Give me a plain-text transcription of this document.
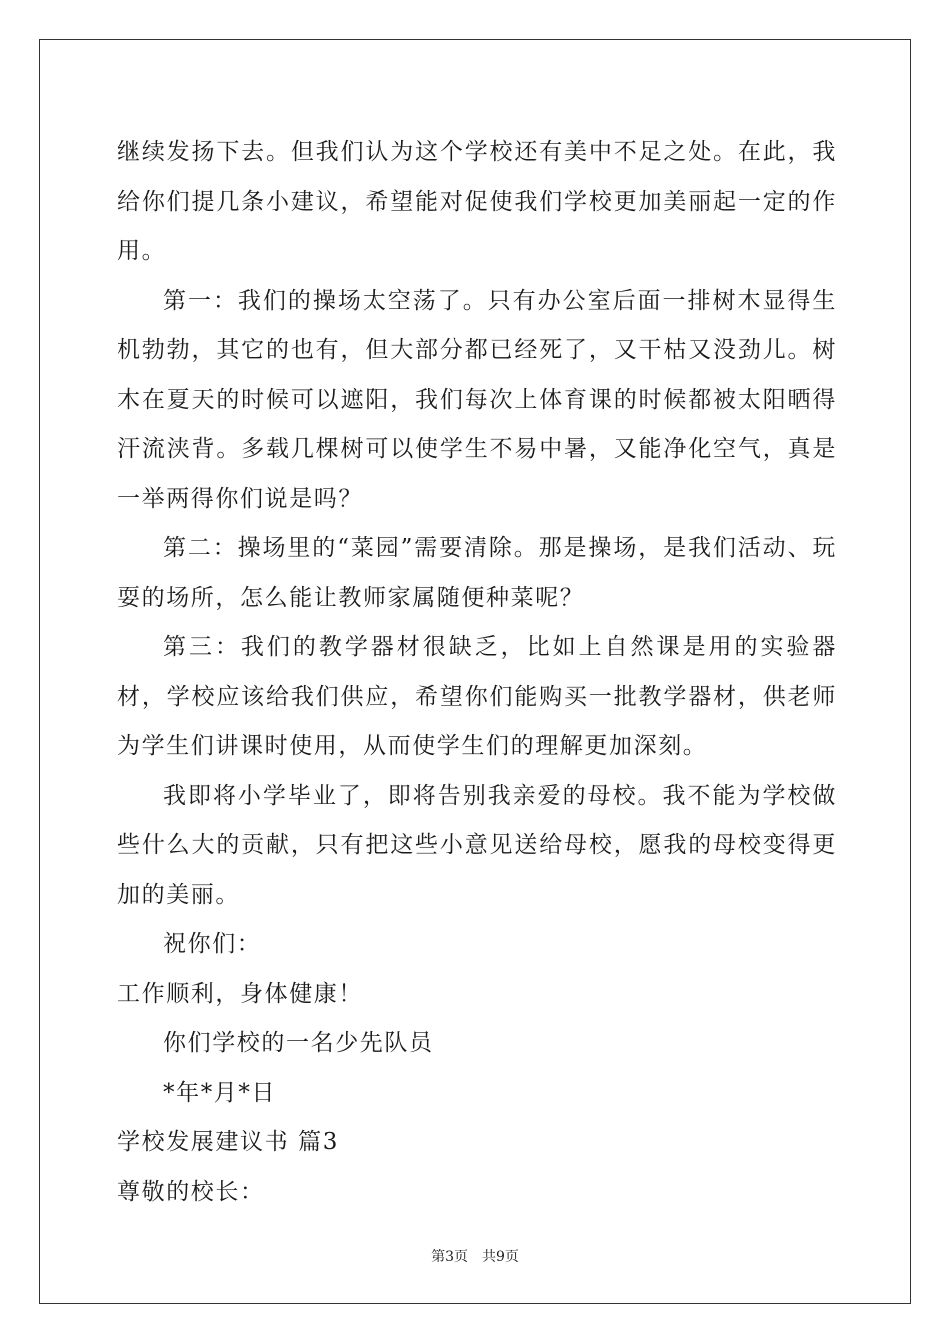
继续发扬下去。但我们认为这个学校还有美中不足之处。在此，我给你们提几条小建议，希望能对促使我们学校更加美丽起一定的作用。

第一：我们的操场太空荡了。只有办公室后面一排树木显得生机勃勃，其它的也有，但大部分都已经死了，又干枯又没劲儿。树木在夏天的时候可以遮阳，我们每次上体育课的时候都被太阳晒得汗流浃背。多载几棵树可以使学生不易中暑，又能净化空气，真是一举两得你们说是吗？

第二：操场里的“菜园”需要清除。那是操场，是我们活动、玩耍的场所，怎么能让教师家属随便种菜呢？

第三：我们的教学器材很缺乏，比如上自然课是用的实验器材，学校应该给我们供应，希望你们能购买一批教学器材，供老师为学生们讲课时使用，从而使学生们的理解更加深刻。

我即将小学毕业了，即将告别我亲爱的母校。我不能为学校做些什么大的贡献，只有把这些小意见送给母校，愿我的母校变得更加的美丽。

祝你们：

工作顺利，身体健康！

你们学校的一名少先队员

*年*月*日

学校发展建议书 篇3

尊敬的校长：

第3页 共9页
